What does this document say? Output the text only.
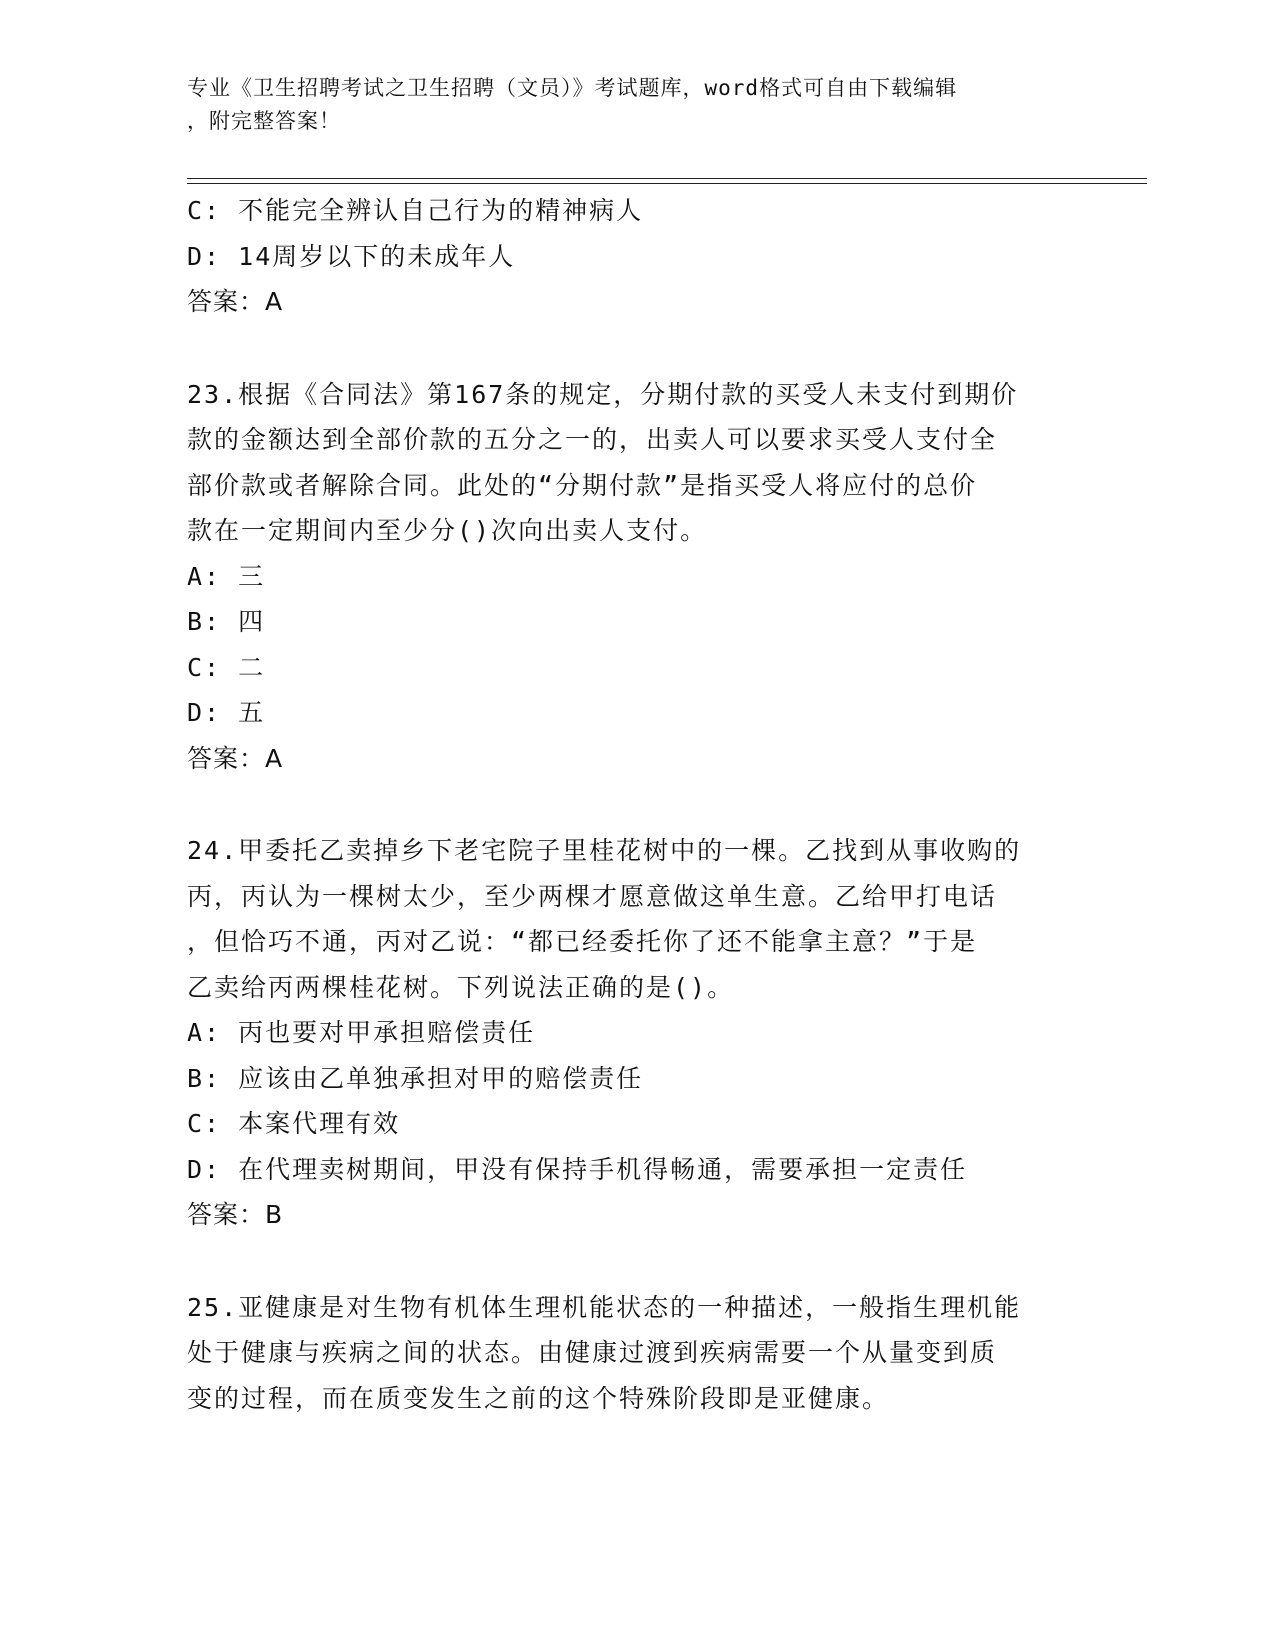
专业《卫生招聘考试之卫生招聘（文员）》考试题库，word格式可自由下载编辑
，附完整答案！
C: 不能完全辨认自己行为的精神病人
D: 14周岁以下的未成年人
答案：A
23.根据《合同法》第167条的规定，分期付款的买受人未支付到期价
款的金额达到全部价款的五分之一的，出卖人可以要求买受人支付全
部价款或者解除合同。此处的“分期付款”是指买受人将应付的总价
款在一定期间内至少分()次向出卖人支付。
A: 三
B: 四
C: 二
D: 五
答案：A
24.甲委托乙卖掉乡下老宅院子里桂花树中的一棵。乙找到从事收购的
丙，丙认为一棵树太少，至少两棵才愿意做这单生意。乙给甲打电话
，但恰巧不通，丙对乙说：“都已经委托你了还不能拿主意？”于是
乙卖给丙两棵桂花树。下列说法正确的是()。
A: 丙也要对甲承担赔偿责任
B: 应该由乙单独承担对甲的赔偿责任
C: 本案代理有效
D: 在代理卖树期间，甲没有保持手机得畅通，需要承担一定责任
答案：B
25.亚健康是对生物有机体生理机能状态的一种描述，一般指生理机能
处于健康与疾病之间的状态。由健康过渡到疾病需要一个从量变到质
变的过程，而在质变发生之前的这个特殊阶段即是亚健康。
